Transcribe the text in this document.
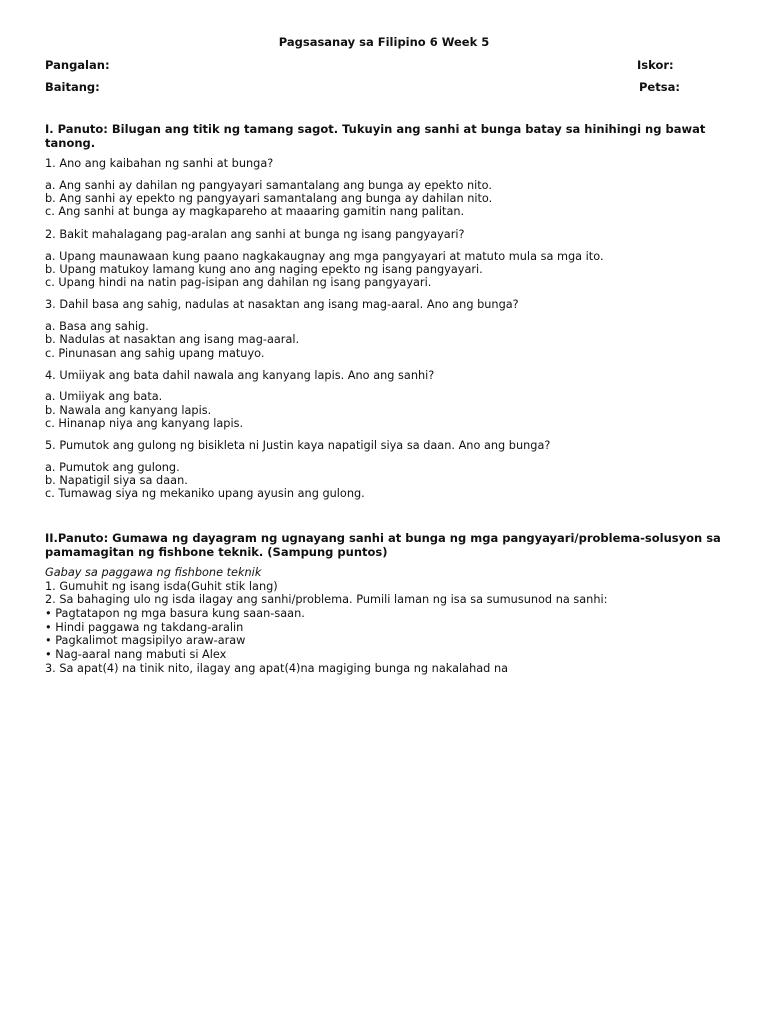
Pagsasanay sa Filipino 6 Week 5
Pangalan:	Iskor:
Baitang:	Petsa:
I. Panuto: Bilugan ang titik ng tamang sagot. Tukuyin ang sanhi at bunga batay sa hinihingi ng bawat tanong.
1. Ano ang kaibahan ng sanhi at bunga?
a. Ang sanhi ay dahilan ng pangyayari samantalang ang bunga ay epekto nito.
b. Ang sanhi ay epekto ng pangyayari samantalang ang bunga ay dahilan nito.
c. Ang sanhi at bunga ay magkapareho at maaaring gamitin nang palitan.
2. Bakit mahalagang pag-aralan ang sanhi at bunga ng isang pangyayari?
a. Upang maunawaan kung paano nagkakaugnay ang mga pangyayari at matuto mula sa mga ito.
b. Upang matukoy lamang kung ano ang naging epekto ng isang pangyayari.
c. Upang hindi na natin pag-isipan ang dahilan ng isang pangyayari.
3. Dahil basa ang sahig, nadulas at nasaktan ang isang mag-aaral. Ano ang bunga?
a. Basa ang sahig.
b. Nadulas at nasaktan ang isang mag-aaral.
c. Pinunasan ang sahig upang matuyo.
4. Umiiyak ang bata dahil nawala ang kanyang lapis. Ano ang sanhi?
a. Umiiyak ang bata.
b. Nawala ang kanyang lapis.
c. Hinanap niya ang kanyang lapis.
5. Pumutok ang gulong ng bisikleta ni Justin kaya napatigil siya sa daan. Ano ang bunga?
a. Pumutok ang gulong.
b. Napatigil siya sa daan.
c. Tumawag siya ng mekaniko upang ayusin ang gulong.
II.Panuto: Gumawa ng dayagram ng ugnayang sanhi at bunga ng mga pangyayari/problema-solusyon sa pamamagitan ng fishbone teknik. (Sampung puntos)
Gabay sa paggawa ng fishbone teknik
1. Gumuhit ng isang isda(Guhit stik lang)
2. Sa bahaging ulo ng isda ilagay ang sanhi/problema. Pumili laman ng isa sa sumusunod na sanhi:
• Pagtatapon ng mga basura kung saan-saan.
• Hindi paggawa ng takdang-aralin
• Pagkalimot magsipilyo araw-araw
• Nag-aaral nang mabuti si Alex
3. Sa apat(4) na tinik nito, ilagay ang apat(4)na magiging bunga ng nakalahad na
